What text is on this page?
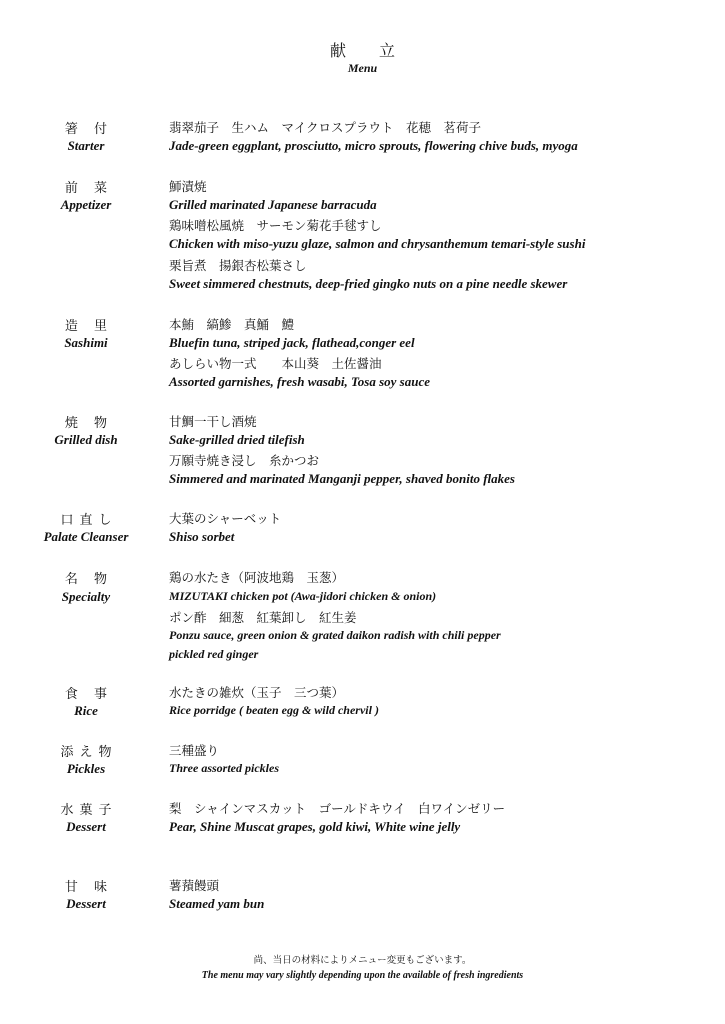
献 立
Menu
箸 付
Starter
翡翠茄子　生ハム　マイクロスプラウト　花穂　茗荷子
Jade-green eggplant, prosciutto, micro sprouts, flowering chive buds, myoga
前 菜
Appetizer
魳漬焼
Grilled marinated Japanese barracuda
鶏味噌松風焼　サーモン菊花手毬すし
Chicken with miso-yuzu glaze, salmon and chrysanthemum temari-style sushi
栗旨煮　揚銀杏松葉さし
Sweet simmered chestnuts, deep-fried gingko nuts on a pine needle skewer
造 里
Sashimi
本鮪　縞鯵　真鯒　鱧
Bluefin tuna, striped jack, flathead,conger eel
あしらい物一式　　本山葵　土佐醤油
Assorted garnishes, fresh wasabi, Tosa soy sauce
焼 物
Grilled dish
甘鯛一干し酒焼
Sake-grilled dried tilefish
万願寺焼き浸し　糸かつお
Simmered and marinated Manganji pepper, shaved bonito flakes
口直し
Palate Cleanser
大葉のシャーベット
Shiso sorbet
名 物
Specialty
鶏の水たき（阿波地鶏　玉葱）
MIZUTAKI chicken pot (Awa-jidori chicken & onion)
ポン酢　細葱　紅葉卸し　紅生姜
Ponzu sauce, green onion & grated daikon radish with chili pepper
pickled red ginger
食 事
Rice
水たきの雑炊（玉子　三つ葉）
Rice porridge ( beaten egg & wild chervil )
添え物
Pickles
三種盛り
Three assorted pickles
水菓子
Dessert
梨　シャインマスカット　ゴールドキウイ　白ワインゼリー
Pear, Shine Muscat grapes, gold kiwi, White wine jelly
甘 味
Dessert
薯蕷饅頭
Steamed yam bun
尚、当日の材料によりメニュー変更もございます。
The menu may vary slightly depending upon the available of fresh ingredients
